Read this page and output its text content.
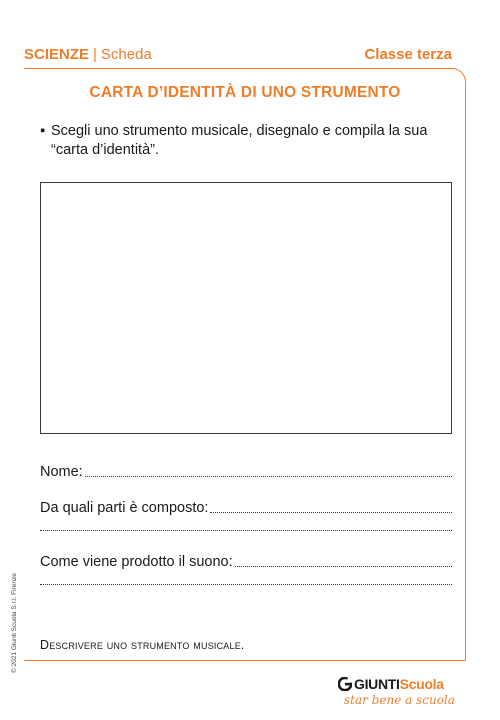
SCIENZE | Scheda	Classe terza
CARTA D’IDENTITÀ DI UNO STRUMENTO
▪ Scegli uno strumento musicale, disegnalo e compila la sua “carta d’identità”.
Nome:
Da quali parti è composto:
Come viene prodotto il suono:
Descrivere uno strumento musicale.
© 2021 Giunti Scuola S.r.l. Firenze
GIUNTI Scuola
star bene a scuola
